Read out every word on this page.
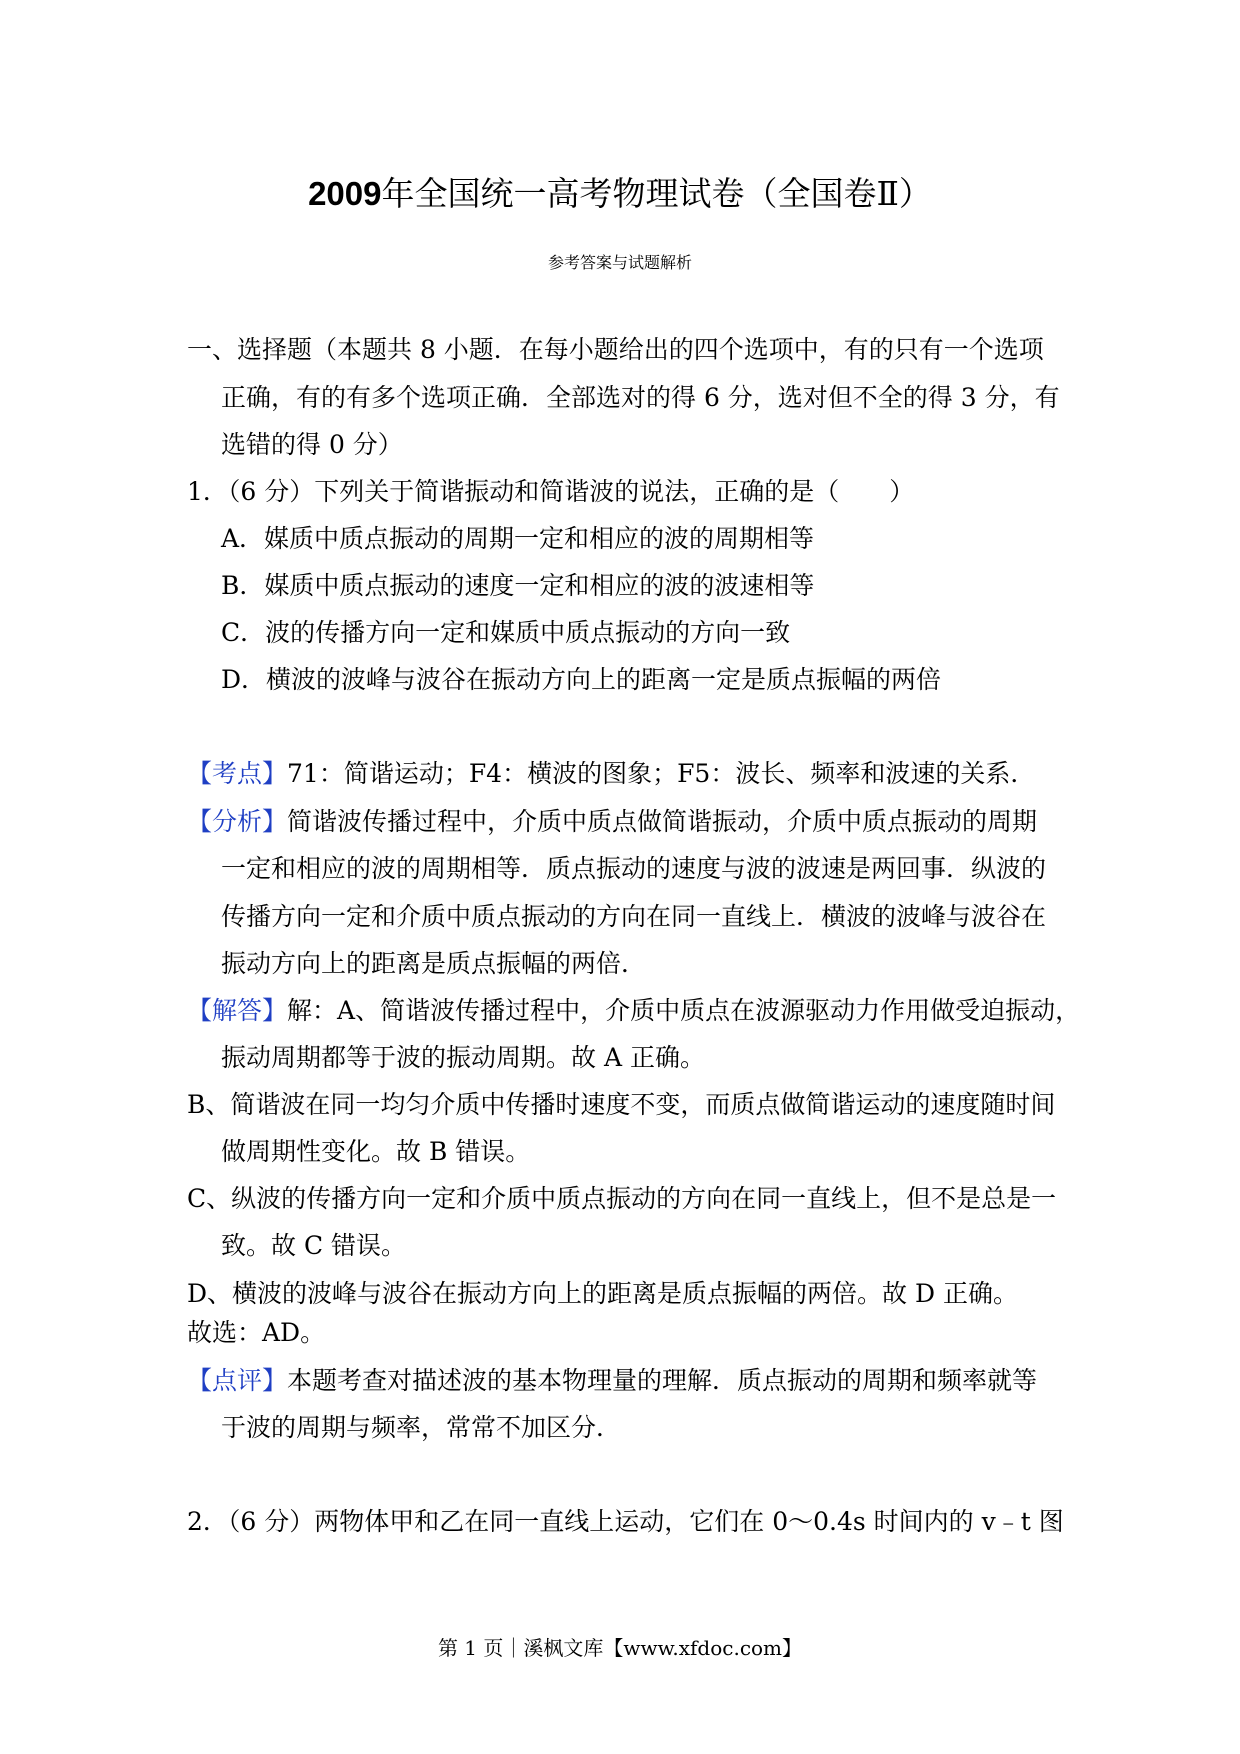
2009年全国统一高考物理试卷（全国卷Ⅱ）
参考答案与试题解析
一、选择题（本题共 8 小题．在每小题给出的四个选项中，有的只有一个选项
正确，有的有多个选项正确．全部选对的得 6 分，选对但不全的得 3 分，有
选错的得 0 分）
1．（6 分）下列关于简谐振动和简谐波的说法，正确的是（　　）
A．媒质中质点振动的周期一定和相应的波的周期相等
B．媒质中质点振动的速度一定和相应的波的波速相等
C．波的传播方向一定和媒质中质点振动的方向一致
D．横波的波峰与波谷在振动方向上的距离一定是质点振幅的两倍
【考点】71：简谐运动；F4：横波的图象；F5：波长、频率和波速的关系．
【分析】简谐波传播过程中，介质中质点做简谐振动，介质中质点振动的周期
一定和相应的波的周期相等．质点振动的速度与波的波速是两回事．纵波的
传播方向一定和介质中质点振动的方向在同一直线上．横波的波峰与波谷在
振动方向上的距离是质点振幅的两倍．
【解答】解：A、简谐波传播过程中，介质中质点在波源驱动力作用做受迫振动，
振动周期都等于波的振动周期。故 A 正确。
B、简谐波在同一均匀介质中传播时速度不变，而质点做简谐运动的速度随时间
做周期性变化。故 B 错误。
C、纵波的传播方向一定和介质中质点振动的方向在同一直线上，但不是总是一
致。故 C 错误。
D、横波的波峰与波谷在振动方向上的距离是质点振幅的两倍。故 D 正确。
故选：AD。
【点评】本题考查对描述波的基本物理量的理解．质点振动的周期和频率就等
于波的周期与频率，常常不加区分．
2．（6 分）两物体甲和乙在同一直线上运动，它们在 0～0.4s 时间内的 v﹣t 图
第 1 页｜溪枫文库【www.xfdoc.com】
